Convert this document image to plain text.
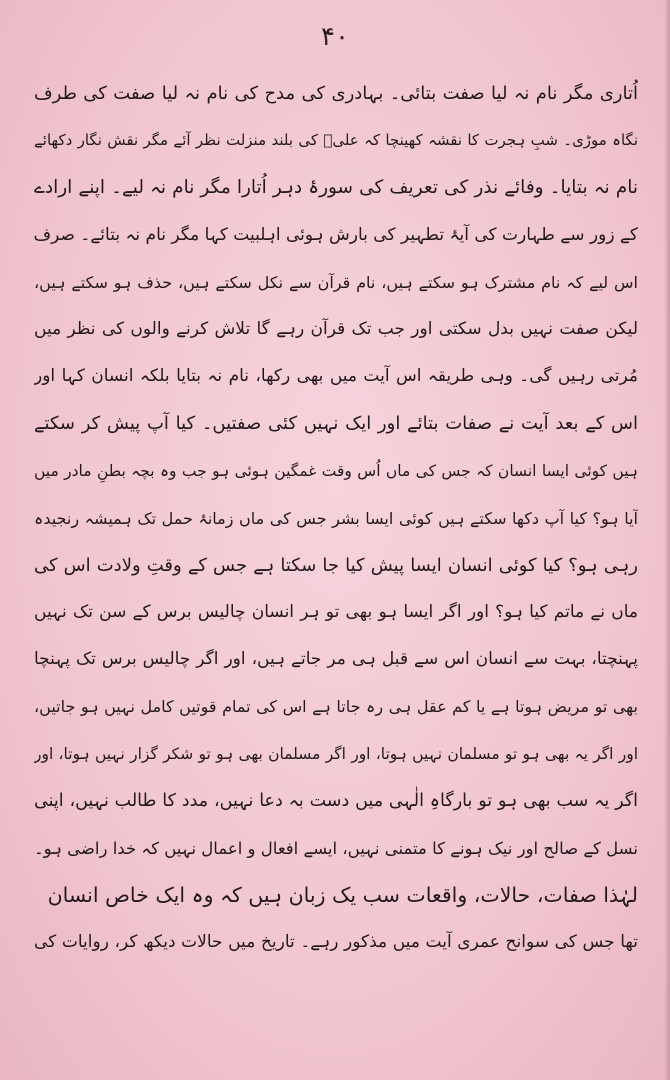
۴۰
اُتاری مگر نام نہ لیا صفت بتائی۔ بہادری کی مدح کی نام نہ لیا صفت کی طرف
نگاہ موڑی۔ شبِ ہجرت کا نقشہ کھینچا کہ علیؑ کی بلند منزلت نظر آئے مگر نقش نگار دکھائے
نام نہ بتایا۔ وفائے نذر کی تعریف کی سورۂ دہر اُتارا مگر نام نہ لیے۔ اپنے ارادے
کے زور سے طہارت کی آیۂ تطہیر کی بارش ہوئی اہلبیت کہا مگر نام نہ بتائے۔ صرف
اس لیے کہ نام مشترک ہو سکتے ہیں، نام قرآن سے نکل سکتے ہیں، حذف ہو سکتے ہیں،
لیکن صفت نہیں بدل سکتی اور جب تک قرآن رہے گا تلاش کرنے والوں کی نظر میں
مُرتی رہیں گی۔ وہی طریقہ اس آیت میں بھی رکھا، نام نہ بتایا بلکہ انسان کہا اور
اس کے بعد آیت نے صفات بتائے اور ایک نہیں کئی صفتیں۔ کیا آپ پیش کر سکتے
ہیں کوئی ایسا انسان کہ جس کی ماں اُس وقت غمگین ہوئی ہو جب وہ بچہ بطنِ مادر میں
آیا ہو؟ کیا آپ دکھا سکتے ہیں کوئی ایسا بشر جس کی ماں زمانۂ حمل تک ہمیشہ رنجیدہ
رہی ہو؟ کیا کوئی انسان ایسا پیش کیا جا سکتا ہے جس کے وقتِ ولادت اس کی
ماں نے ماتم کیا ہو؟ اور اگر ایسا ہو بھی تو ہر انسان چالیس برس کے سن تک نہیں
پہنچتا، بہت سے انسان اس سے قبل ہی مر جاتے ہیں، اور اگر چالیس برس تک پہنچا
بھی تو مریض ہوتا ہے یا کم عقل ہی رہ جاتا ہے اس کی تمام قوتیں کامل نہیں ہو جاتیں،
اور اگر یہ بھی ہو تو مسلمان نہیں ہوتا، اور اگر مسلمان بھی ہو تو شکر گزار نہیں ہوتا، اور
اگر یہ سب بھی ہو تو بارگاہِ الٰہی میں دست بہ دعا نہیں، مدد کا طالب نہیں، اپنی
نسل کے صالح اور نیک ہونے کا متمنی نہیں، ایسے افعال و اعمال نہیں کہ خدا راضی ہو۔
لہٰذا صفات، حالات، واقعات سب یک زبان ہیں کہ وہ ایک خاص انسان
تھا جس کی سوانح عمری آیت میں مذکور رہے۔ تاریخ میں حالات دیکھ کر، روایات کی
